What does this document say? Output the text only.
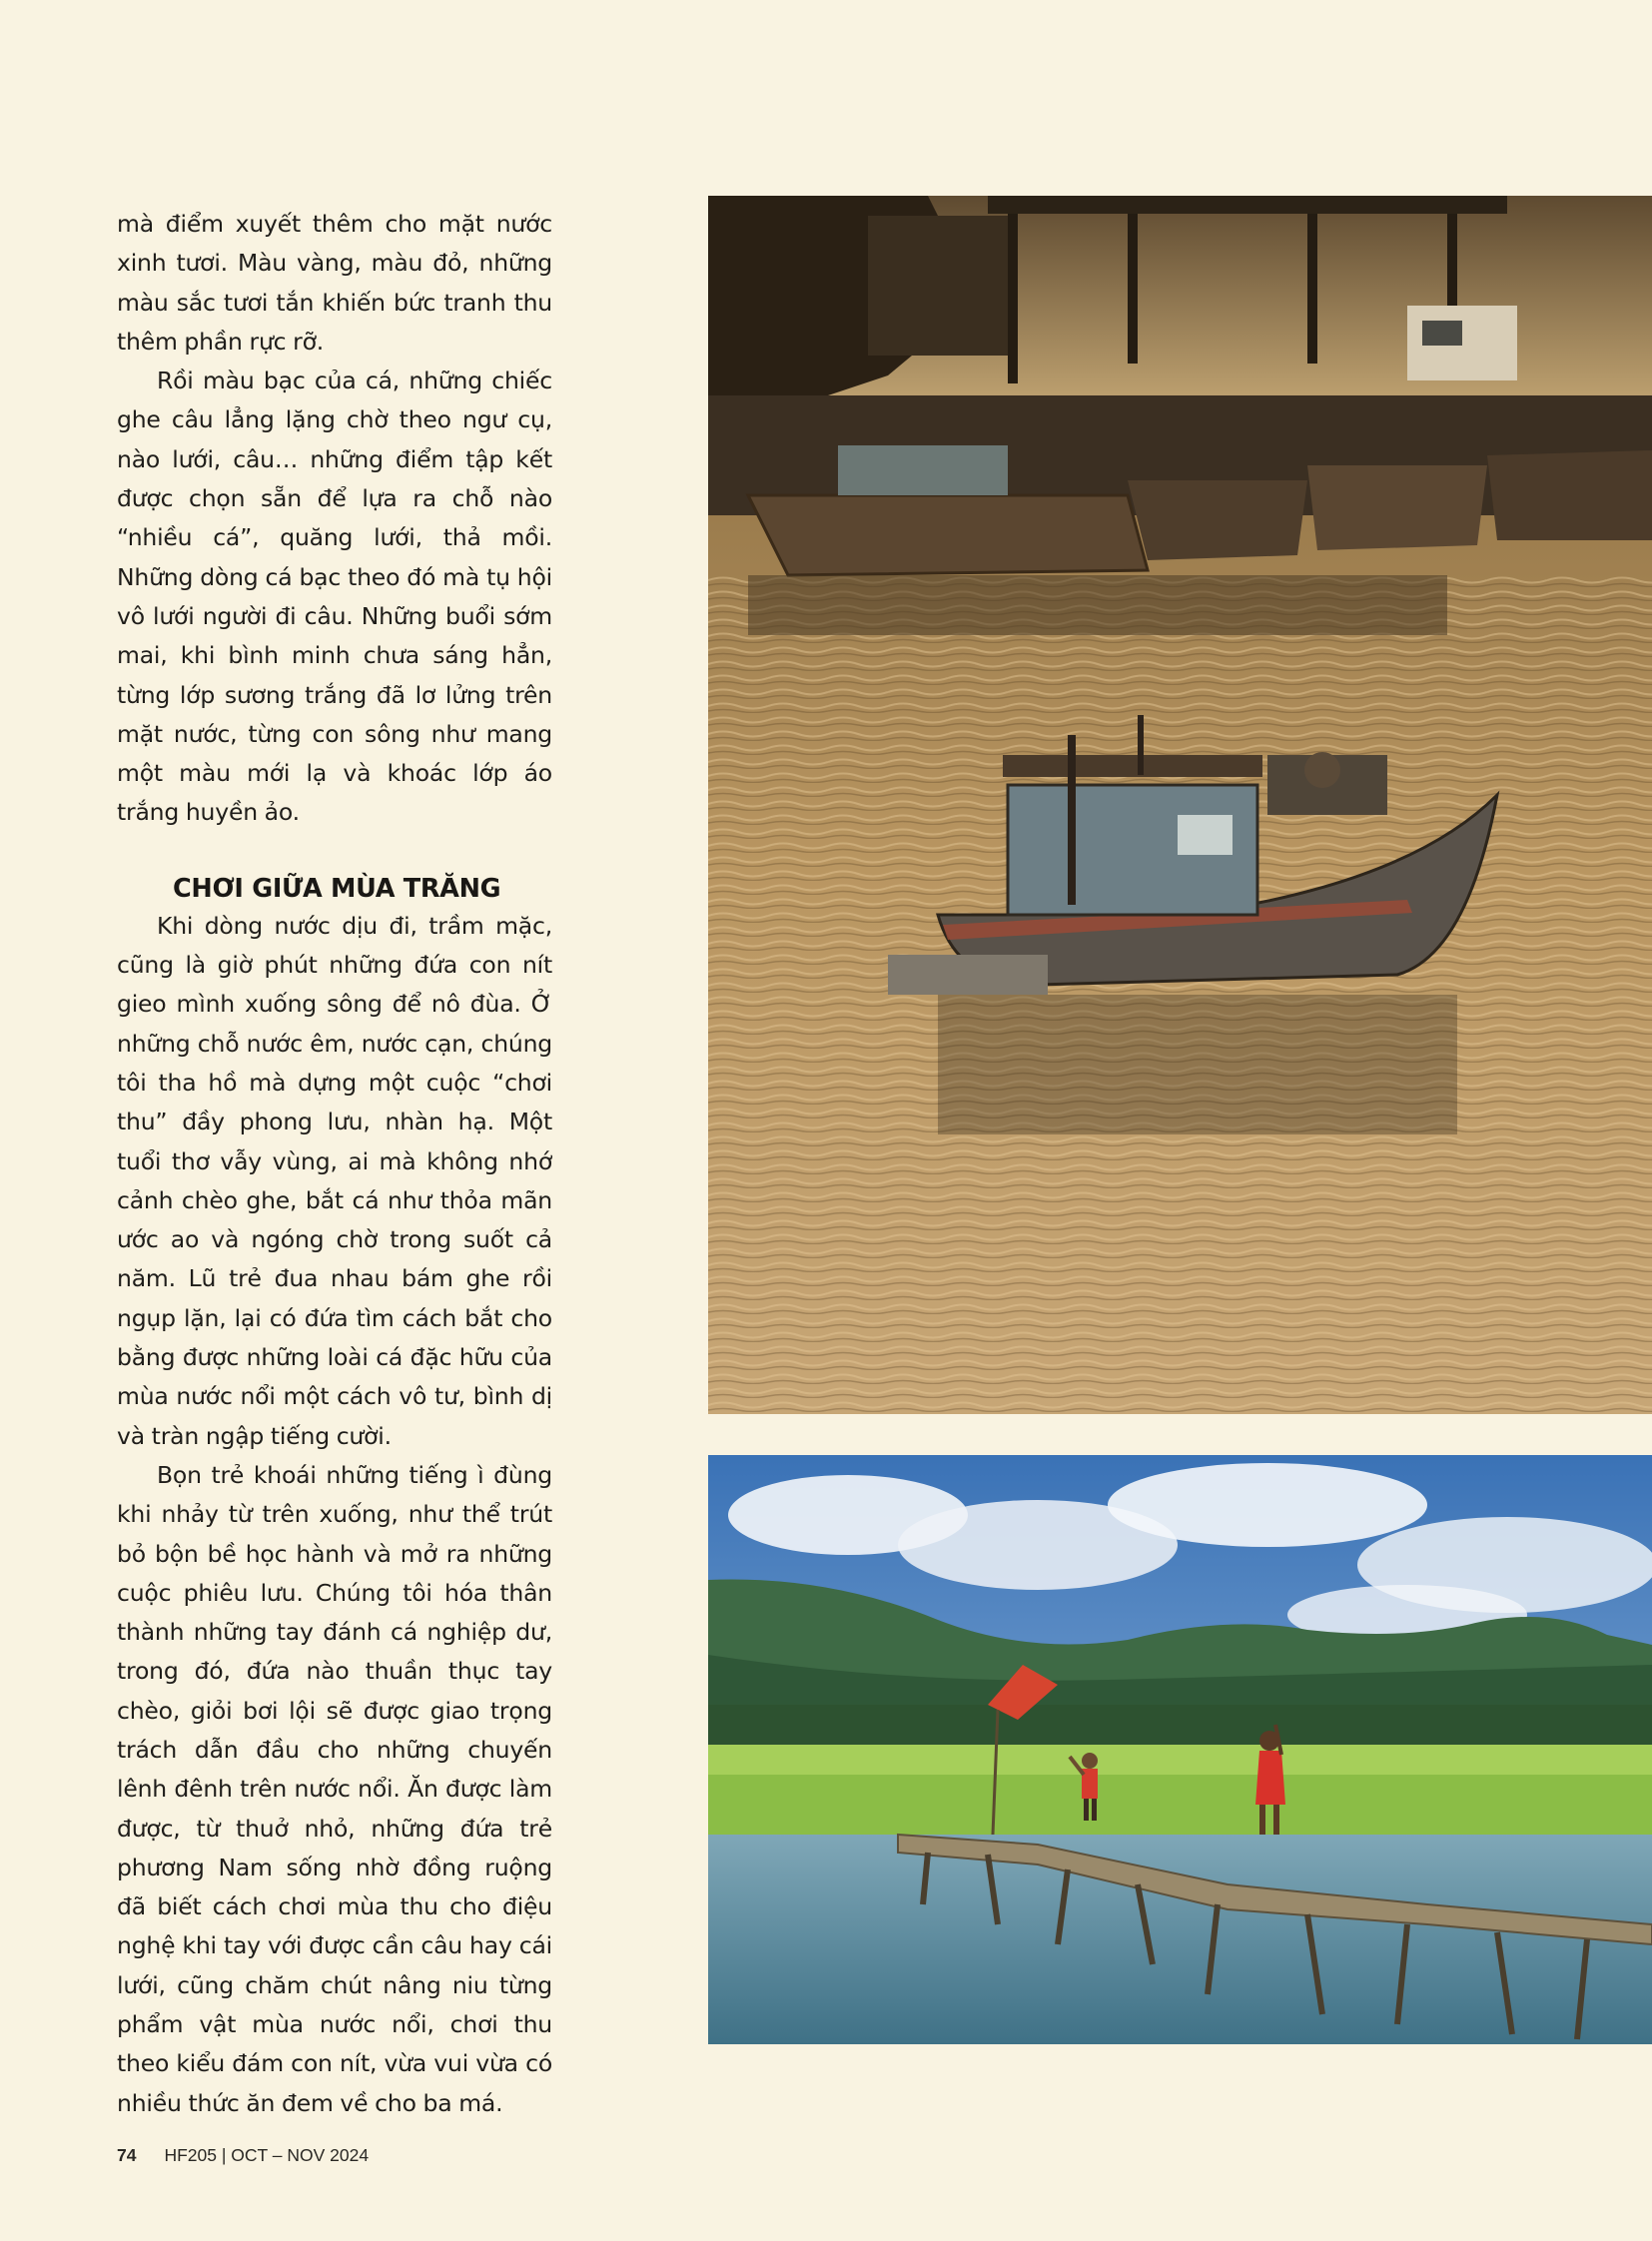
mà điểm xuyết thêm cho mặt nước xinh tươi. Màu vàng, màu đỏ, những màu sắc tươi tắn khiến bức tranh thu thêm phần rực rỡ.

Rồi màu bạc của cá, những chiếc ghe câu lẳng lặng chờ theo ngư cụ, nào lưới, câu… những điểm tập kết được chọn sẵn để lựa ra chỗ nào “nhiều cá”, quăng lưới, thả mồi. Những dòng cá bạc theo đó mà tụ hội vô lưới người đi câu. Những buổi sớm mai, khi bình minh chưa sáng hẳn, từng lớp sương trắng đã lơ lửng trên mặt nước, từng con sông như mang một màu mới lạ và khoác lớp áo trắng huyền ảo.

CHƠI GIỮA MÙA TRĂNG

Khi dòng nước dịu đi, trầm mặc, cũng là giờ phút những đứa con nít gieo mình xuống sông để nô đùa. Ở những chỗ nước êm, nước cạn, chúng tôi tha hồ mà dựng một cuộc “chơi thu” đầy phong lưu, nhàn hạ. Một tuổi thơ vẫy vùng, ai mà không nhớ cảnh chèo ghe, bắt cá như thỏa mãn ước ao và ngóng chờ trong suốt cả năm. Lũ trẻ đua nhau bám ghe rồi ngụp lặn, lại có đứa tìm cách bắt cho bằng được những loài cá đặc hữu của mùa nước nổi một cách vô tư, bình dị và tràn ngập tiếng cười.

Bọn trẻ khoái những tiếng ì đùng khi nhảy từ trên xuống, như thể trút bỏ bộn bề học hành và mở ra những cuộc phiêu lưu. Chúng tôi hóa thân thành những tay đánh cá nghiệp dư, trong đó, đứa nào thuần thục tay chèo, giỏi bơi lội sẽ được giao trọng trách dẫn đầu cho những chuyến lênh đênh trên nước nổi. Ăn được làm được, từ thuở nhỏ, những đứa trẻ phương Nam sống nhờ đồng ruộng đã biết cách chơi mùa thu cho điệu nghệ khi tay với được cần câu hay cái lưới, cũng chăm chút nâng niu từng phẩm vật mùa nước nổi, chơi thu theo kiểu đám con nít, vừa vui vừa có nhiều thức ăn đem về cho ba má.

74 HF205 | OCT – NOV 2024
